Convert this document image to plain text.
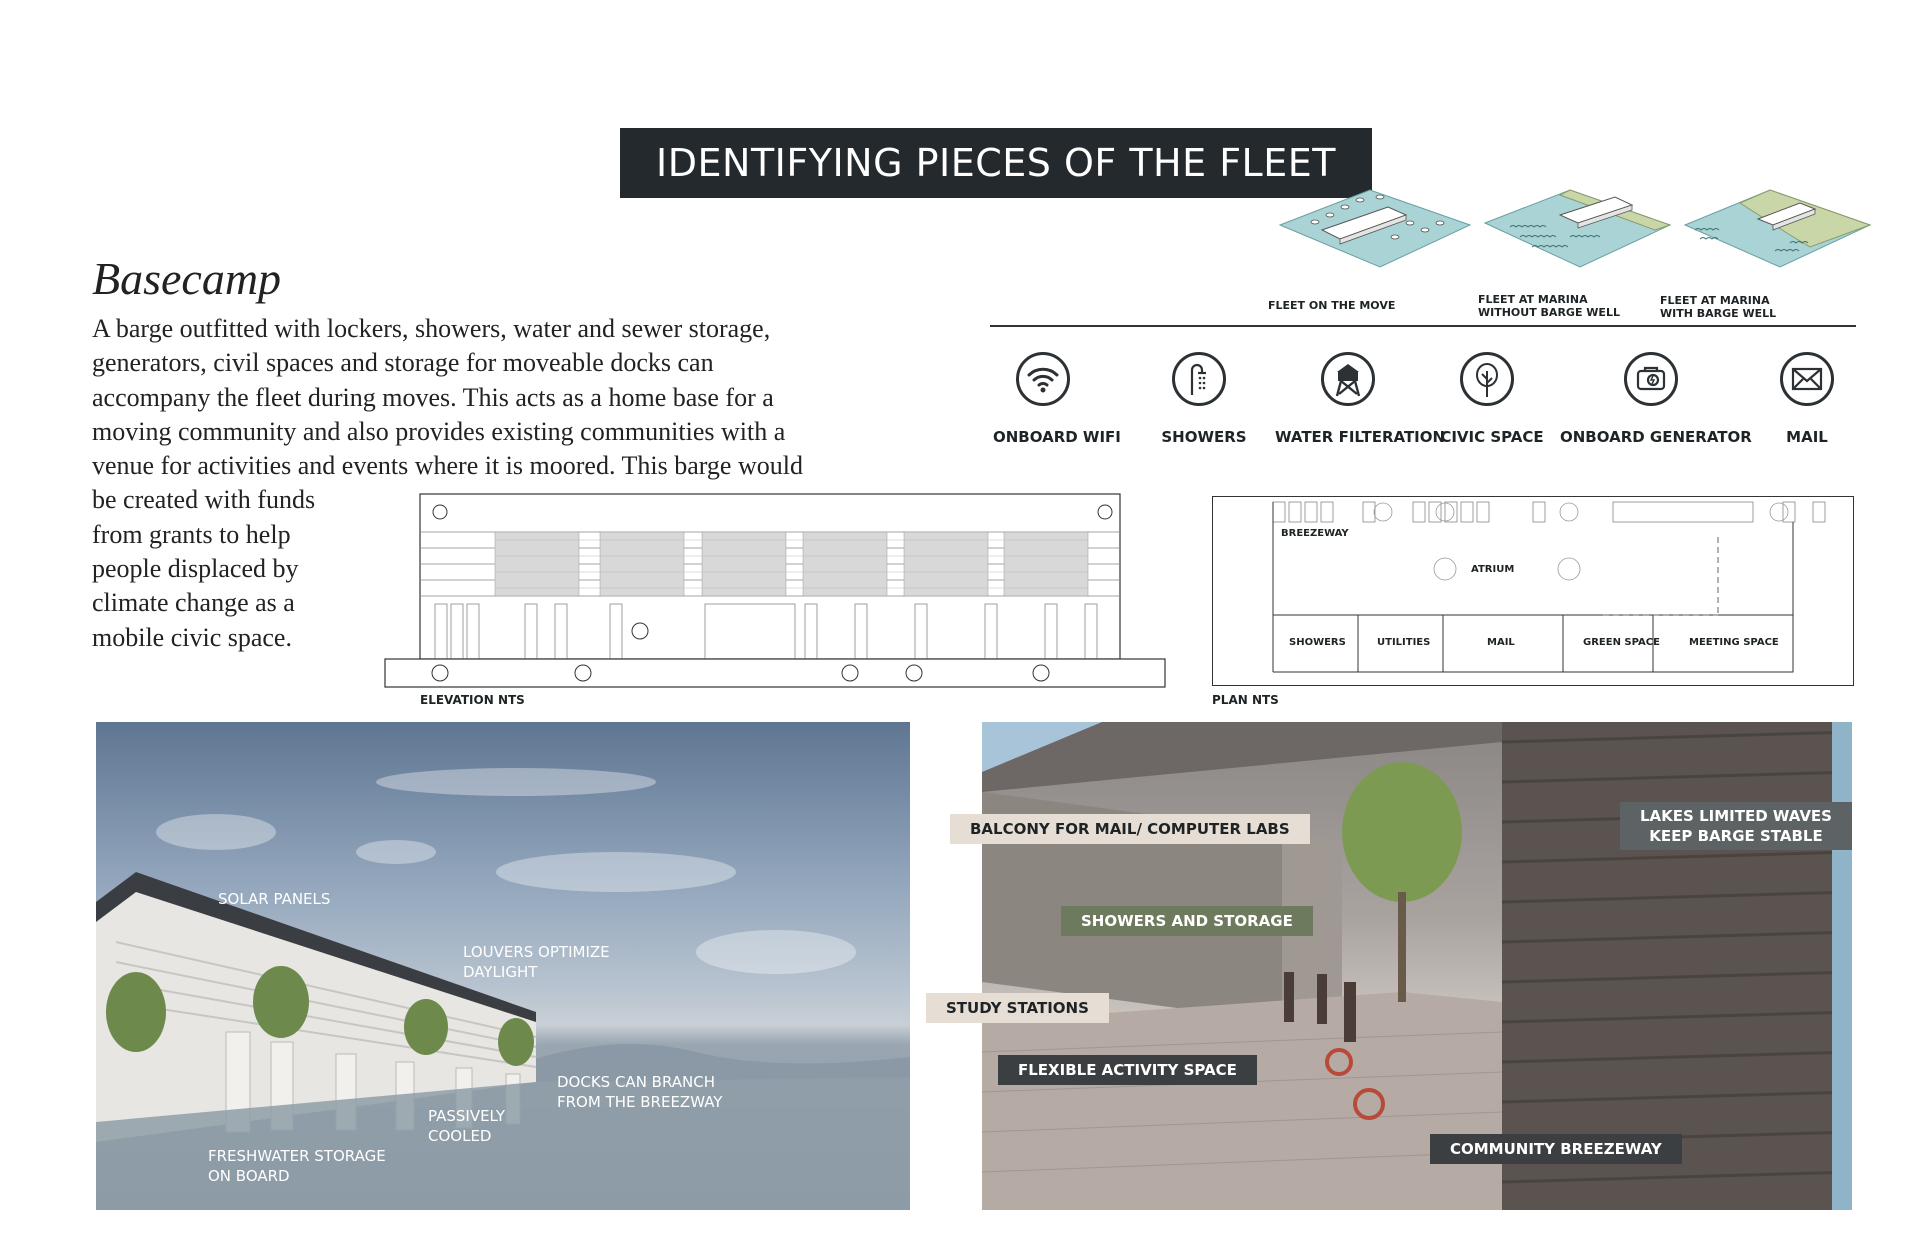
IDENTIFYING PIECES OF THE FLEET
Basecamp
A barge outfitted with lockers, showers, water and sewer storage,
generators, civil spaces and storage for moveable docks can
accompany the fleet during moves. This acts as a home base for a
moving community and also provides existing communities with a
venue for activities and events where it is moored. This barge would
be created with funds
from grants to help
people displaced by
climate change as a
mobile civic space.
FLEET ON THE MOVE	FLEET AT MARINA
WITHOUT BARGE WELL
FLEET AT MARINA
WITH BARGE WELL
ONBOARD WIFI	SHOWERS	WATER FILTERATION
CIVIC SPACE ONBOARD GENERATOR	MAIL
ELEVATION NTS
BREEZEWAY
ATRIUM
SHOWERS	UTILITIES	MAIL	GREEN SPACE	MEETING SPACE
PLAN NTS
SOLAR PANELS
LOUVERS OPTIMIZE
DAYLIGHT
DOCKS CAN BRANCH
FROM THE BREEZWAY
PASSIVELY
COOLED
FRESHWATER STORAGE
ON BOARD
BALCONY FOR MAIL/ COMPUTER LABS
SHOWERS AND STORAGE
STUDY STATIONS
FLEXIBLE ACTIVITY SPACE
LAKES LIMITED WAVES
KEEP BARGE STABLE
COMMUNITY BREEZEWAY
